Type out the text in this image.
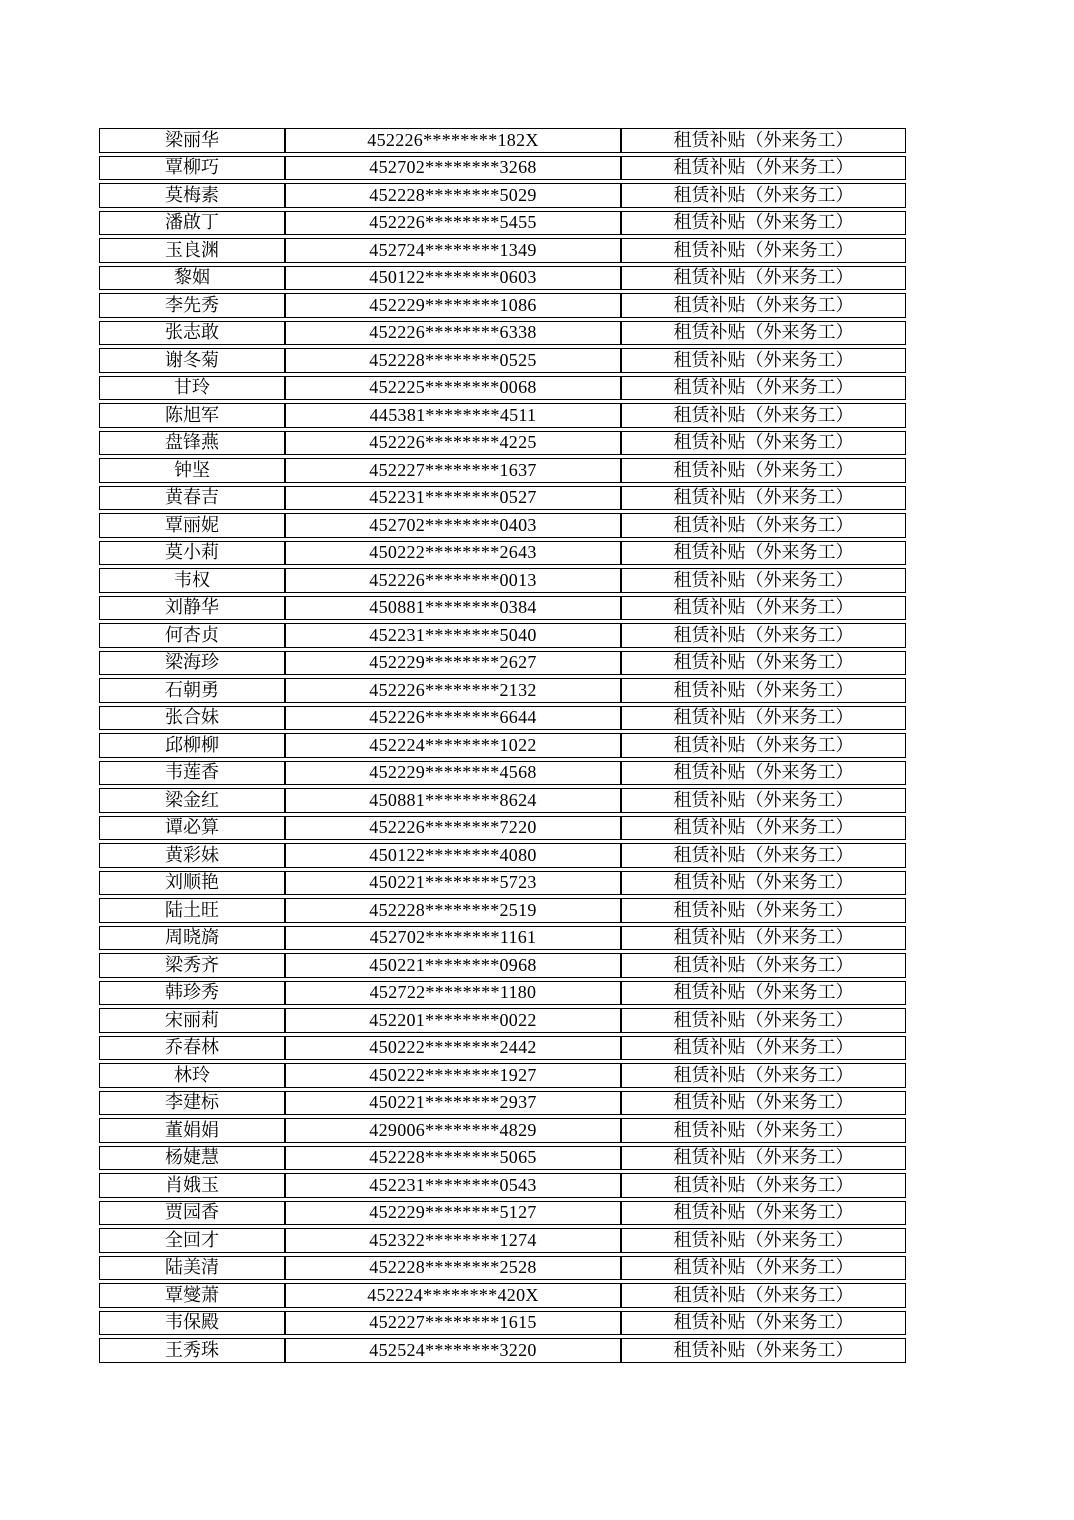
梁丽华	452226********182X	租赁补贴（外来务工）
覃柳巧	452702********3268	租赁补贴（外来务工）
莫梅素	452228********5029	租赁补贴（外来务工）
潘啟丁	452226********5455	租赁补贴（外来务工）
玉良渊	452724********1349	租赁补贴（外来务工）
黎姻	450122********0603	租赁补贴（外来务工）
李先秀	452229********1086	租赁补贴（外来务工）
张志敢	452226********6338	租赁补贴（外来务工）
谢冬菊	452228********0525	租赁补贴（外来务工）
甘玲	452225********0068	租赁补贴（外来务工）
陈旭军	445381********4511	租赁补贴（外来务工）
盘锋燕	452226********4225	租赁补贴（外来务工）
钟坚	452227********1637	租赁补贴（外来务工）
黄春吉	452231********0527	租赁补贴（外来务工）
覃丽妮	452702********0403	租赁补贴（外来务工）
莫小莉	450222********2643	租赁补贴（外来务工）
韦权	452226********0013	租赁补贴（外来务工）
刘静华	450881********0384	租赁补贴（外来务工）
何杏贞	452231********5040	租赁补贴（外来务工）
梁海珍	452229********2627	租赁补贴（外来务工）
石朝勇	452226********2132	租赁补贴（外来务工）
张合妹	452226********6644	租赁补贴（外来务工）
邱柳柳	452224********1022	租赁补贴（外来务工）
韦莲香	452229********4568	租赁补贴（外来务工）
梁金红	450881********8624	租赁补贴（外来务工）
谭必算	452226********7220	租赁补贴（外来务工）
黄彩妹	450122********4080	租赁补贴（外来务工）
刘顺艳	450221********5723	租赁补贴（外来务工）
陆土旺	452228********2519	租赁补贴（外来务工）
周晓旖	452702********1161	租赁补贴（外来务工）
梁秀齐	450221********0968	租赁补贴（外来务工）
韩珍秀	452722********1180	租赁补贴（外来务工）
宋丽莉	452201********0022	租赁补贴（外来务工）
乔春林	450222********2442	租赁补贴（外来务工）
林玲	450222********1927	租赁补贴（外来务工）
李建标	450221********2937	租赁补贴（外来务工）
董娟娟	429006********4829	租赁补贴（外来务工）
杨婕慧	452228********5065	租赁补贴（外来务工）
肖娥玉	452231********0543	租赁补贴（外来务工）
贾园香	452229********5127	租赁补贴（外来务工）
全回才	452322********1274	租赁补贴（外来务工）
陆美清	452228********2528	租赁补贴（外来务工）
覃燮萧	452224********420X	租赁补贴（外来务工）
韦保殿	452227********1615	租赁补贴（外来务工）
王秀珠	452524********3220	租赁补贴（外来务工）
